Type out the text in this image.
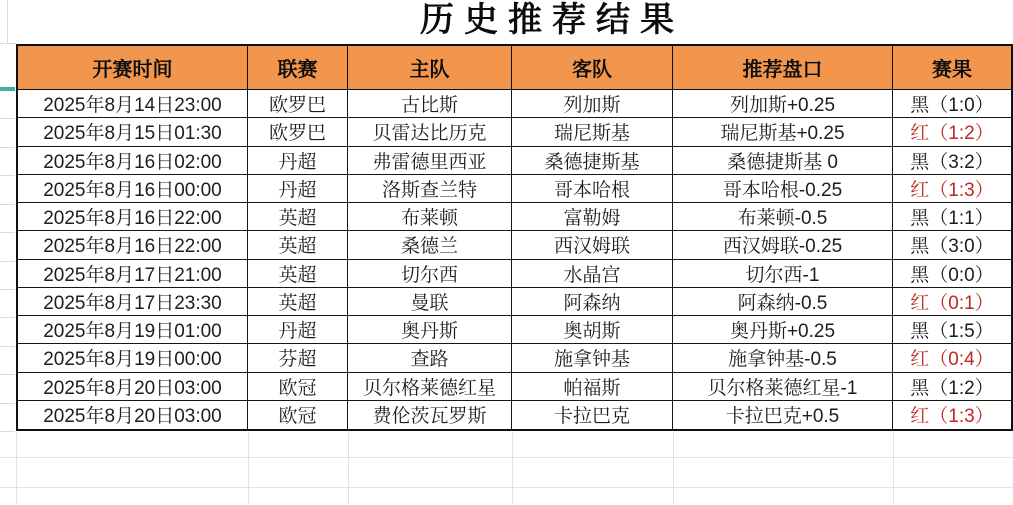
历史推荐结果
开赛时间	联赛	主队	客队	推荐盘口	赛果
2025年8月14日23:00	欧罗巴	古比斯	列加斯	列加斯+0.25	黑（1:0）
2025年8月15日01:30	欧罗巴	贝雷达比历克	瑞尼斯基	瑞尼斯基+0.25	红（1:2）
2025年8月16日02:00	丹超	弗雷德里西亚	桑德捷斯基	桑德捷斯基 0	黑（3:2）
2025年8月16日00:00	丹超	洛斯查兰特	哥本哈根	哥本哈根-0.25	红（1:3）
2025年8月16日22:00	英超	布莱顿	富勒姆	布莱顿-0.5	黑（1:1）
2025年8月16日22:00	英超	桑德兰	西汉姆联	西汉姆联-0.25	黑（3:0）
2025年8月17日21:00	英超	切尔西	水晶宫	切尔西-1	黑（0:0）
2025年8月17日23:30	英超	曼联	阿森纳	阿森纳-0.5	红（0:1）
2025年8月19日01:00	丹超	奥丹斯	奥胡斯	奥丹斯+0.25	黑（1:5）
2025年8月19日00:00	芬超	查路	施拿钟基	施拿钟基-0.5	红（0:4）
2025年8月20日03:00	欧冠	贝尔格莱德红星	帕福斯	贝尔格莱德红星-1	黑（1:2）
2025年8月20日03:00	欧冠	费伦茨瓦罗斯	卡拉巴克	卡拉巴克+0.5	红（1:3）
